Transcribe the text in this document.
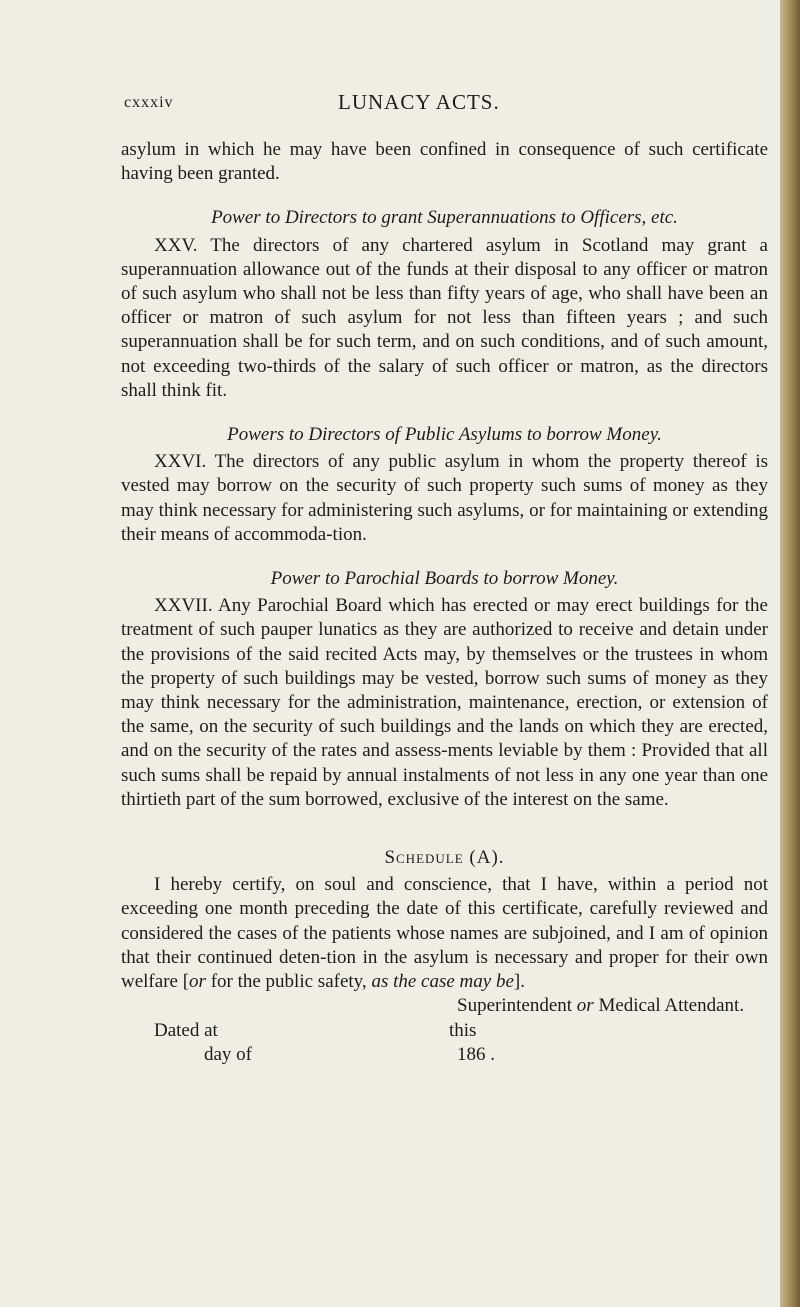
cxxxiv	LUNACY ACTS.

asylum in which he may have been confined in consequence of such certificate having been granted.

Power to Directors to grant Superannuations to Officers, etc.

XXV. The directors of any chartered asylum in Scotland may grant a superannuation allowance out of the funds at their disposal to any officer or matron of such asylum who shall not be less than fifty years of age, who shall have been an officer or matron of such asylum for not less than fifteen years ; and such superannuation shall be for such term, and on such conditions, and of such amount, not exceeding two-thirds of the salary of such officer or matron, as the directors shall think fit.

Powers to Directors of Public Asylums to borrow Money.

XXVI. The directors of any public asylum in whom the property thereof is vested may borrow on the security of such property such sums of money as they may think necessary for administering such asylums, or for maintaining or extending their means of accommoda-tion.

Power to Parochial Boards to borrow Money.

XXVII. Any Parochial Board which has erected or may erect buildings for the treatment of such pauper lunatics as they are authorized to receive and detain under the provisions of the said recited Acts may, by themselves or the trustees in whom the property of such buildings may be vested, borrow such sums of money as they may think necessary for the administration, maintenance, erection, or extension of the same, on the security of such buildings and the lands on which they are erected, and on the security of the rates and assess-ments leviable by them : Provided that all such sums shall be repaid by annual instalments of not less in any one year than one thirtieth part of the sum borrowed, exclusive of the interest on the same.

Schedule (A).

I hereby certify, on soul and conscience, that I have, within a period not exceeding one month preceding the date of this certificate, carefully reviewed and considered the cases of the patients whose names are subjoined, and I am of opinion that their continued deten-tion in the asylum is necessary and proper for their own welfare [or for the public safety, as the case may be].

Superintendent or Medical Attendant.

Dated at	this
day of	186 .
